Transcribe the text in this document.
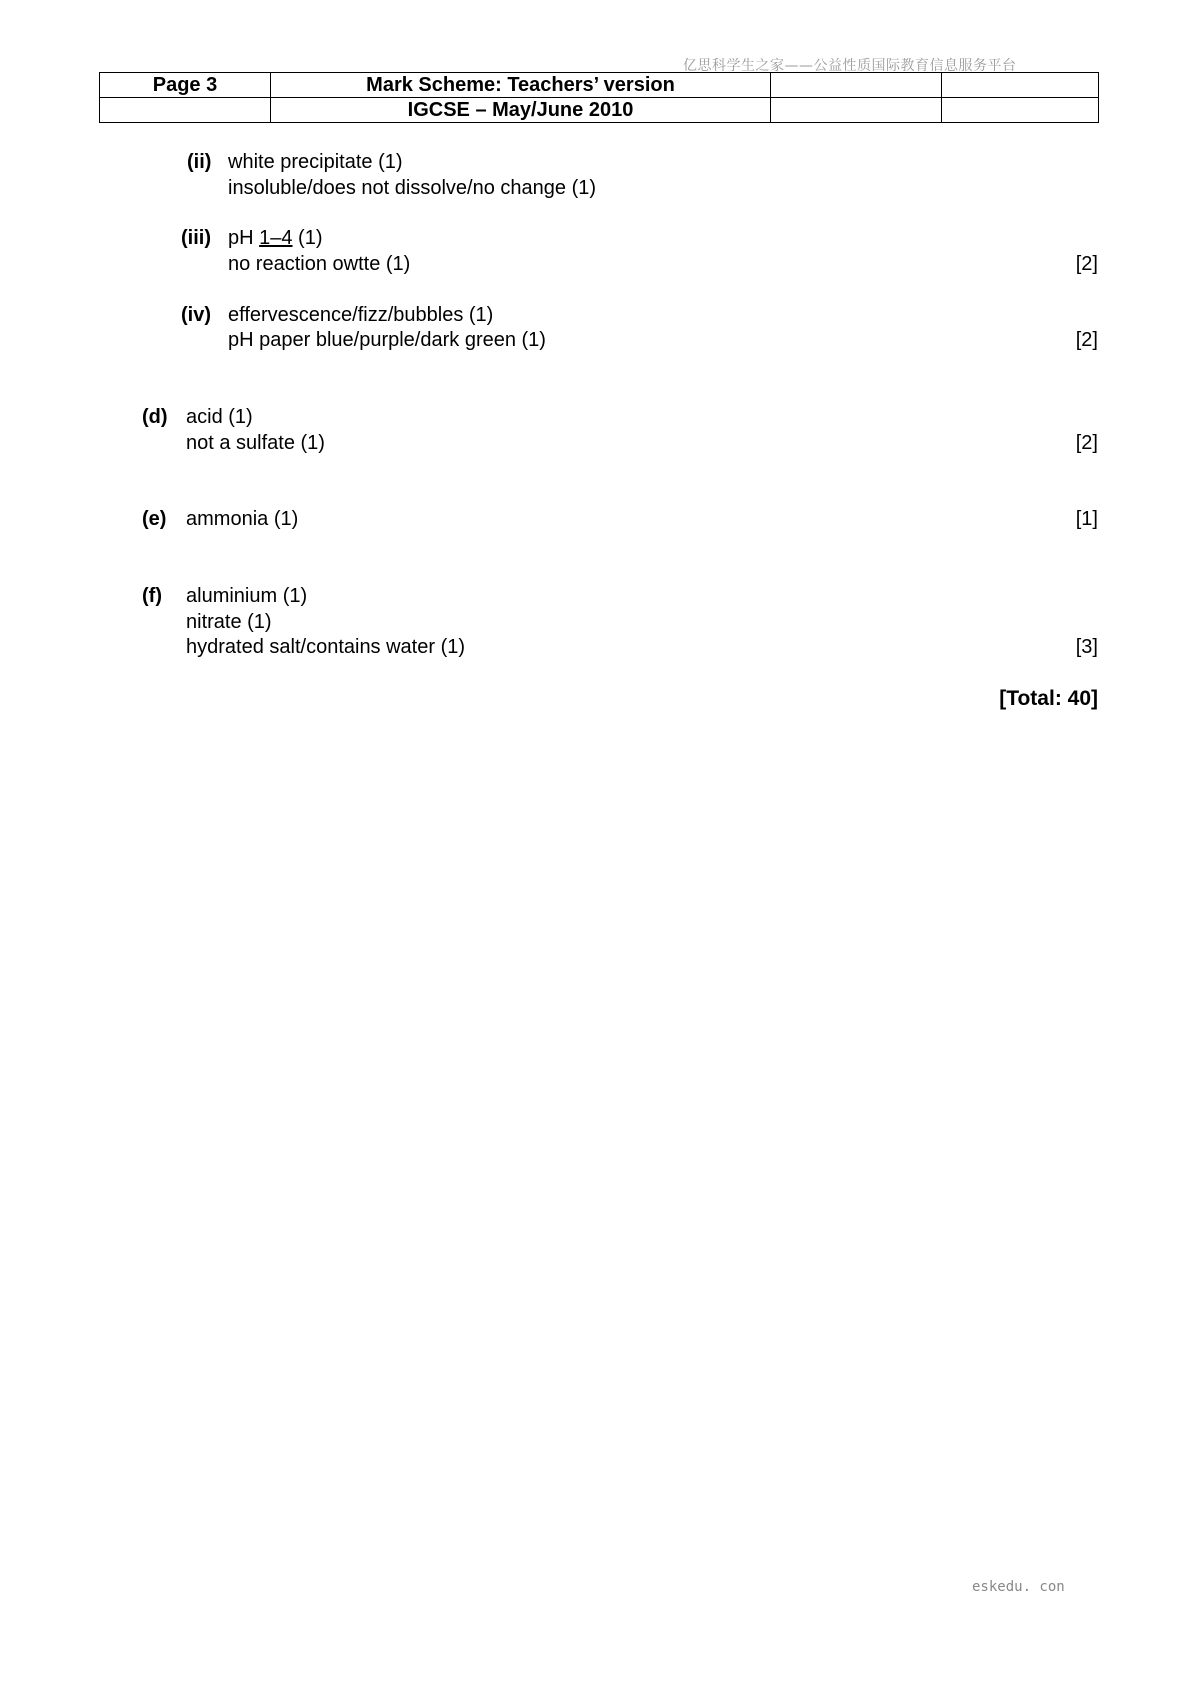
亿思科学生之家——公益性质国际教育信息服务平台
Page 3	Mark Scheme: Teachers’ version		
	IGCSE – May/June 2010		
(ii) white precipitate (1)
insoluble/does not dissolve/no change (1)
(iii) pH 1–4 (1)
no reaction owtte (1)	[2]
(iv) effervescence/fizz/bubbles (1)
pH paper blue/purple/dark green (1)	[2]
(d) acid (1)
not a sulfate (1)	[2]
(e) ammonia (1)	[1]
(f) aluminium (1)
nitrate (1)
hydrated salt/contains water (1)	[3]
[Total: 40]
eskedu. con
